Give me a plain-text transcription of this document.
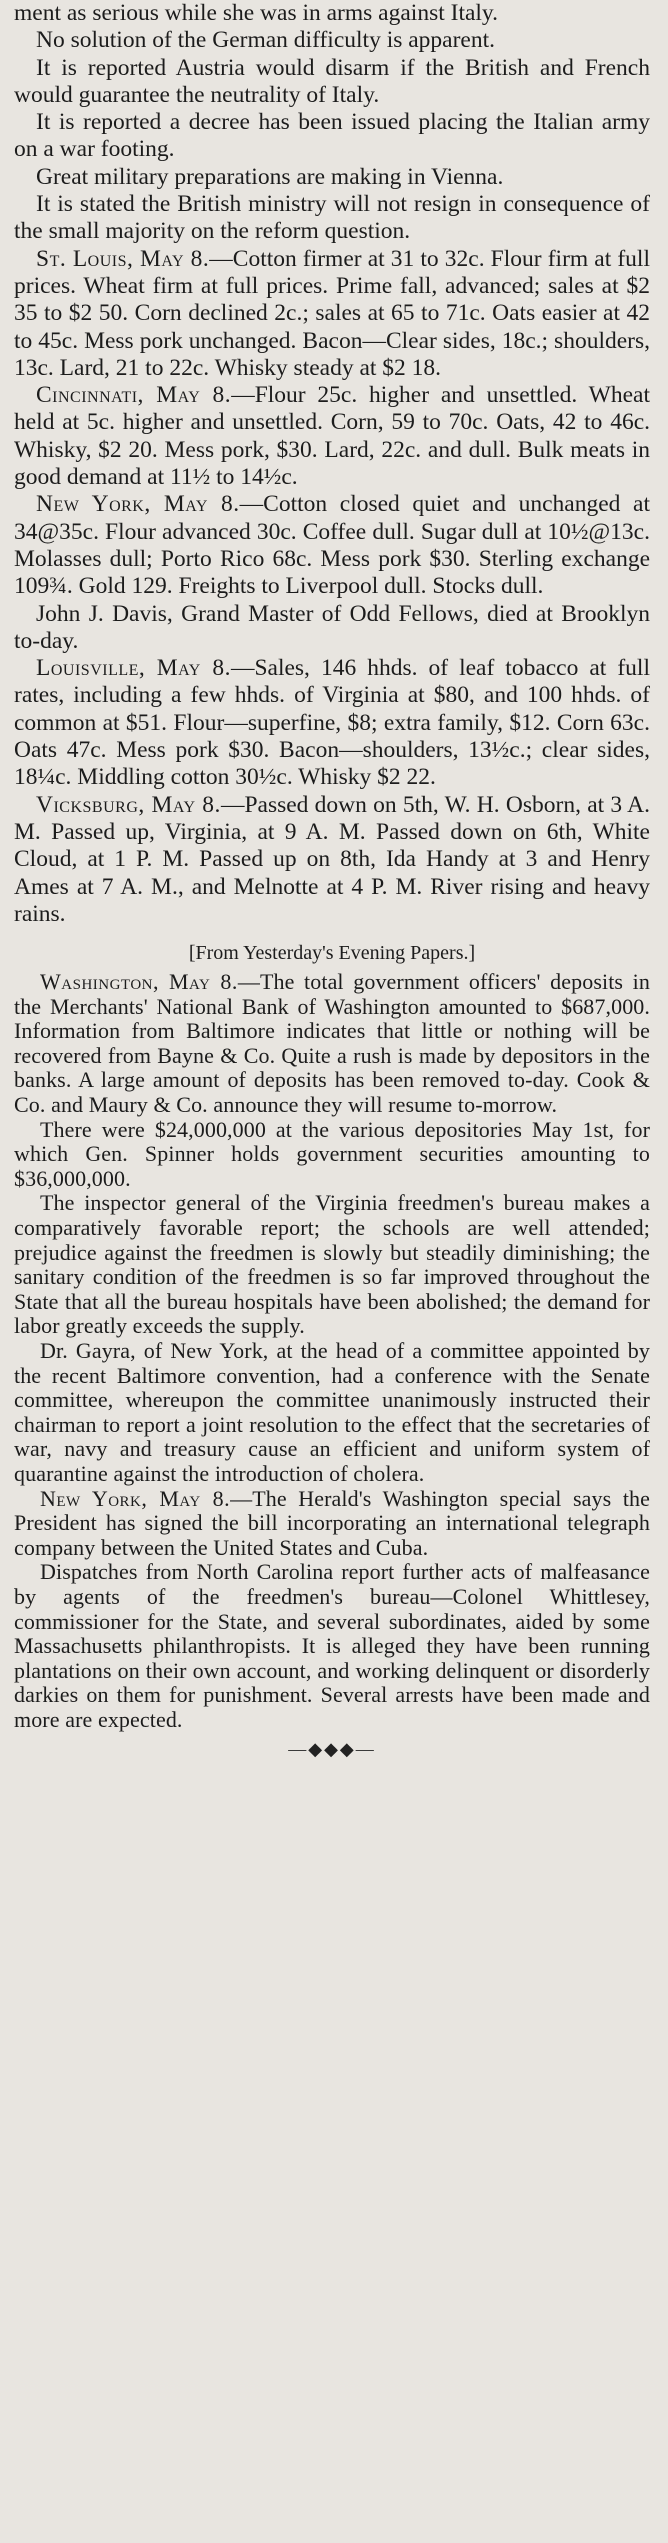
ment as serious while she was in arms against Italy.

No solution of the German difficulty is apparent.

It is reported Austria would disarm if the British and French would guarantee the neutrality of Italy.

It is reported a decree has been issued placing the Italian army on a war footing.

Great military preparations are making in Vienna.

It is stated the British ministry will not resign in consequence of the small majority on the reform question.

St. Louis, May 8.—Cotton firmer at 31 to 32c. Flour firm at full prices. Wheat firm at full prices. Prime fall, advanced; sales at $2 35 to $2 50. Corn declined 2c.; sales at 65 to 71c. Oats easier at 42 to 45c. Mess pork unchanged. Bacon—Clear sides, 18c.; shoulders, 13c. Lard, 21 to 22c. Whisky steady at $2 18.

Cincinnati, May 8.—Flour 25c. higher and unsettled. Wheat held at 5c. higher and unsettled. Corn, 59 to 70c. Oats, 42 to 46c. Whisky, $2 20. Mess pork, $30. Lard, 22c. and dull. Bulk meats in good demand at 11½ to 14½c.

New York, May 8.—Cotton closed quiet and unchanged at 34@35c. Flour advanced 30c. Coffee dull. Sugar dull at 10½@13c. Molasses dull; Porto Rico 68c. Mess pork $30. Sterling exchange 109¾. Gold 129. Freights to Liverpool dull. Stocks dull.

John J. Davis, Grand Master of Odd Fellows, died at Brooklyn to-day.

Louisville, May 8.—Sales, 146 hhds. of leaf tobacco at full rates, including a few hhds. of Virginia at $80, and 100 hhds. of common at $51. Flour—superfine, $8; extra family, $12. Corn 63c. Oats 47c. Mess pork $30. Bacon—shoulders, 13½c.; clear sides, 18¼c. Middling cotton 30½c. Whisky $2 22.

Vicksburg, May 8.—Passed down on 5th, W. H. Osborn, at 3 A. M. Passed up, Virginia, at 9 A. M. Passed down on 6th, White Cloud, at 1 P. M. Passed up on 8th, Ida Handy at 3 and Henry Ames at 7 A. M., and Melnotte at 4 P. M. River rising and heavy rains.

[From Yesterday's Evening Papers.]

Washington, May 8.—The total government officers' deposits in the Merchants' National Bank of Washington amounted to $687,000. Information from Baltimore indicates that little or nothing will be recovered from Bayne & Co. Quite a rush is made by depositors in the banks. A large amount of deposits has been removed to-day. Cook & Co. and Maury & Co. announce they will resume to-morrow.

There were $24,000,000 at the various depositories May 1st, for which Gen. Spinner holds government securities amounting to $36,000,000.

The inspector general of the Virginia freedmen's bureau makes a comparatively favorable report; the schools are well attended; prejudice against the freedmen is slowly but steadily diminishing; the sanitary condition of the freedmen is so far improved throughout the State that all the bureau hospitals have been abolished; the demand for labor greatly exceeds the supply.

Dr. Gayra, of New York, at the head of a committee appointed by the recent Baltimore convention, had a conference with the Senate committee, whereupon the committee unanimously instructed their chairman to report a joint resolution to the effect that the secretaries of war, navy and treasury cause an efficient and uniform system of quarantine against the introduction of cholera.

New York, May 8.—The Herald's Washington special says the President has signed the bill incorporating an international telegraph company between the United States and Cuba.

Dispatches from North Carolina report further acts of malfeasance by agents of the freedmen's bureau—Colonel Whittlesey, commissioner for the State, and several subordinates, aided by some Massachusetts philanthropists. It is alleged they have been running plantations on their own account, and working delinquent or disorderly darkies on them for punishment. Several arrests have been made and more are expected.

—◆◆◆—
